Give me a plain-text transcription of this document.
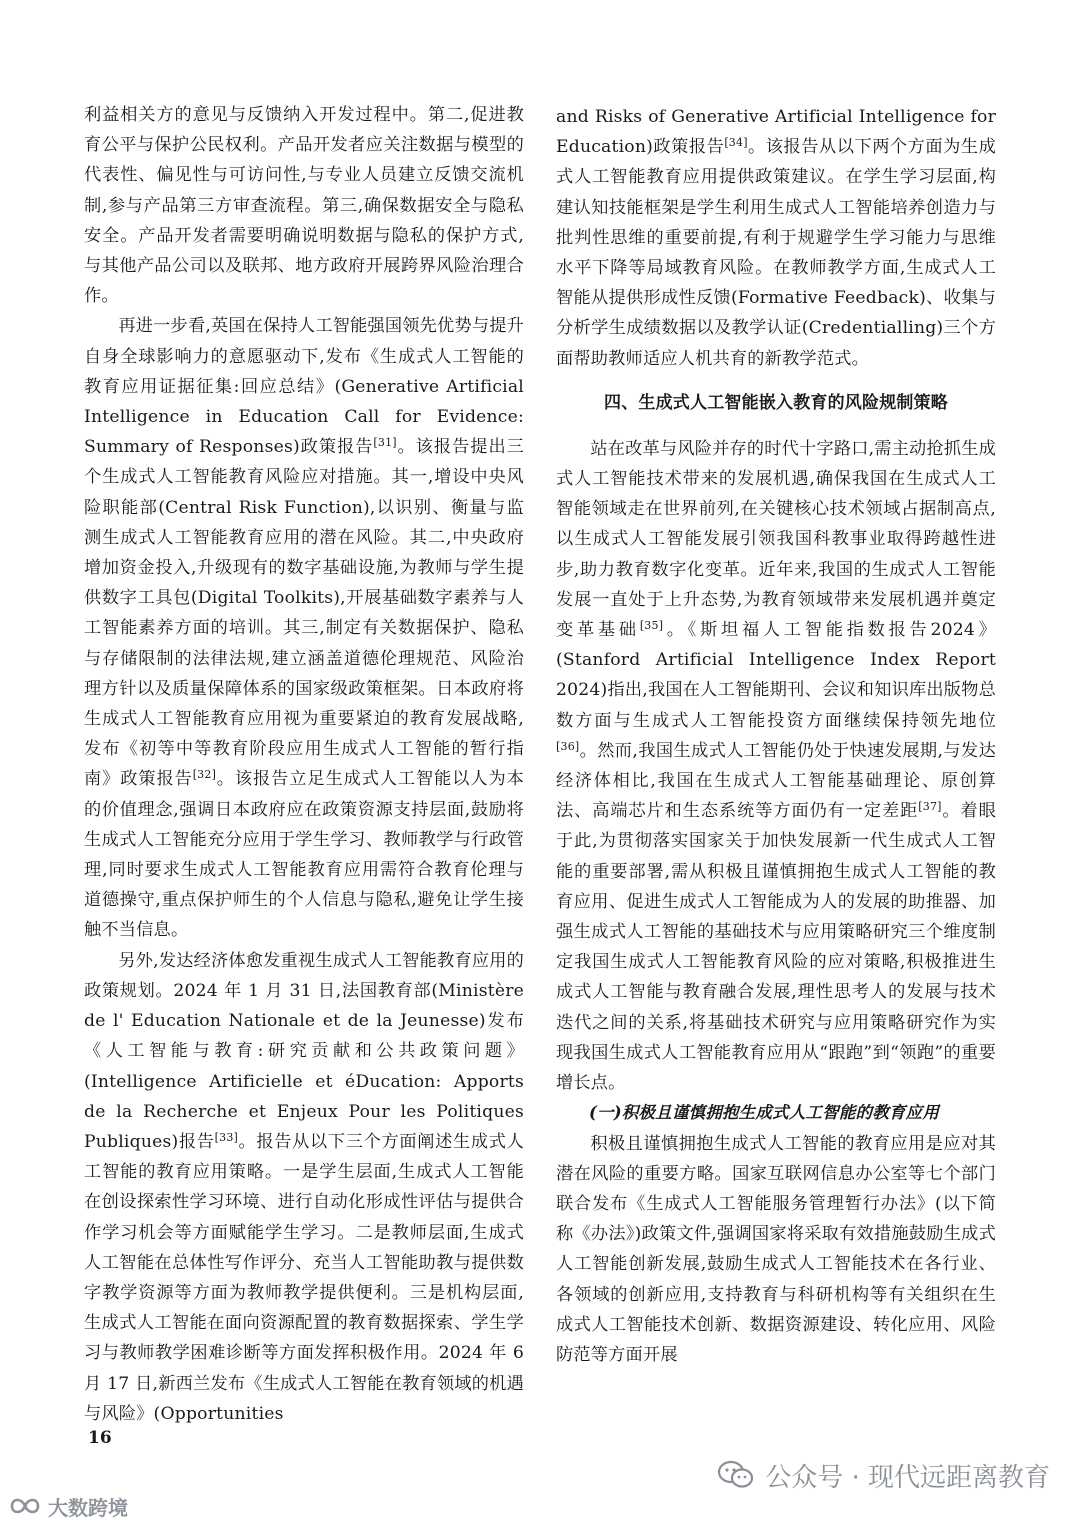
利益相关方的意见与反馈纳入开发过程中。第二,促进教育公平与保护公民权利。产品开发者应关注数据与模型的代表性、偏见性与可访问性,与专业人员建立反馈交流机制,参与产品第三方审查流程。第三,确保数据安全与隐私安全。产品开发者需要明确说明数据与隐私的保护方式,与其他产品公司以及联邦、地方政府开展跨界风险治理合作。

再进一步看,英国在保持人工智能强国领先优势与提升自身全球影响力的意愿驱动下,发布《生成式人工智能的教育应用证据征集:回应总结》(Generative Artificial Intelligence in Education Call for Evidence: Summary of Responses)政策报告[31]。该报告提出三个生成式人工智能教育风险应对措施。其一,增设中央风险职能部(Central Risk Function),以识别、衡量与监测生成式人工智能教育应用的潜在风险。其二,中央政府增加资金投入,升级现有的数字基础设施,为教师与学生提供数字工具包(Digital Toolkits),开展基础数字素养与人工智能素养方面的培训。其三,制定有关数据保护、隐私与存储限制的法律法规,建立涵盖道德伦理规范、风险治理方针以及质量保障体系的国家级政策框架。日本政府将生成式人工智能教育应用视为重要紧迫的教育发展战略,发布《初等中等教育阶段应用生成式人工智能的暂行指南》政策报告[32]。该报告立足生成式人工智能以人为本的价值理念,强调日本政府应在政策资源支持层面,鼓励将生成式人工智能充分应用于学生学习、教师教学与行政管理,同时要求生成式人工智能教育应用需符合教育伦理与道德操守,重点保护师生的个人信息与隐私,避免让学生接触不当信息。

另外,发达经济体愈发重视生成式人工智能教育应用的政策规划。2024 年 1 月 31 日,法国教育部(Ministère de l' Education Nationale et de la Jeunesse)发布《人工智能与教育:研究贡献和公共政策问题》(Intelligence Artificielle et éDucation: Apports de la Recherche et Enjeux Pour les Politiques Publiques)报告[33]。报告从以下三个方面阐述生成式人工智能的教育应用策略。一是学生层面,生成式人工智能在创设探索性学习环境、进行自动化形成性评估与提供合作学习机会等方面赋能学生学习。二是教师层面,生成式人工智能在总体性写作评分、充当人工智能助教与提供数字教学资源等方面为教师教学提供便利。三是机构层面,生成式人工智能在面向资源配置的教育数据探索、学生学习与教师教学困难诊断等方面发挥积极作用。2024 年 6 月 17 日,新西兰发布《生成式人工智能在教育领域的机遇与风险》(Opportunities

and Risks of Generative Artificial Intelligence for Education)政策报告[34]。该报告从以下两个方面为生成式人工智能教育应用提供政策建议。在学生学习层面,构建认知技能框架是学生利用生成式人工智能培养创造力与批判性思维的重要前提,有利于规避学生学习能力与思维水平下降等局域教育风险。在教师教学方面,生成式人工智能从提供形成性反馈(Formative Feedback)、收集与分析学生成绩数据以及教学认证(Credentialling)三个方面帮助教师适应人机共育的新教学范式。

四、生成式人工智能嵌入教育的风险规制策略

站在改革与风险并存的时代十字路口,需主动抢抓生成式人工智能技术带来的发展机遇,确保我国在生成式人工智能领域走在世界前列,在关键核心技术领域占据制高点,以生成式人工智能发展引领我国科教事业取得跨越性进步,助力教育数字化变革。近年来,我国的生成式人工智能发展一直处于上升态势,为教育领域带来发展机遇并奠定变革基础[35]。《斯坦福人工智能指数报告2024》(Stanford Artificial Intelligence Index Report 2024)指出,我国在人工智能期刊、会议和知识库出版物总数方面与生成式人工智能投资方面继续保持领先地位[36]。然而,我国生成式人工智能仍处于快速发展期,与发达经济体相比,我国在生成式人工智能基础理论、原创算法、高端芯片和生态系统等方面仍有一定差距[37]。着眼于此,为贯彻落实国家关于加快发展新一代生成式人工智能的重要部署,需从积极且谨慎拥抱生成式人工智能的教育应用、促进生成式人工智能成为人的发展的助推器、加强生成式人工智能的基础技术与应用策略研究三个维度制定我国生成式人工智能教育风险的应对策略,积极推进生成式人工智能与教育融合发展,理性思考人的发展与技术迭代之间的关系,将基础技术研究与应用策略研究作为实现我国生成式人工智能教育应用从“跟跑”到“领跑”的重要增长点。

(一)积极且谨慎拥抱生成式人工智能的教育应用

积极且谨慎拥抱生成式人工智能的教育应用是应对其潜在风险的重要方略。国家互联网信息办公室等七个部门联合发布《生成式人工智能服务管理暂行办法》(以下简称《办法》)政策文件,强调国家将采取有效措施鼓励生成式人工智能创新发展,鼓励生成式人工智能技术在各行业、各领域的创新应用,支持教育与科研机构等有关组织在生成式人工智能技术创新、数据资源建设、转化应用、风险防范等方面开展

16
公众号 · 现代远距离教育
大数跨境
